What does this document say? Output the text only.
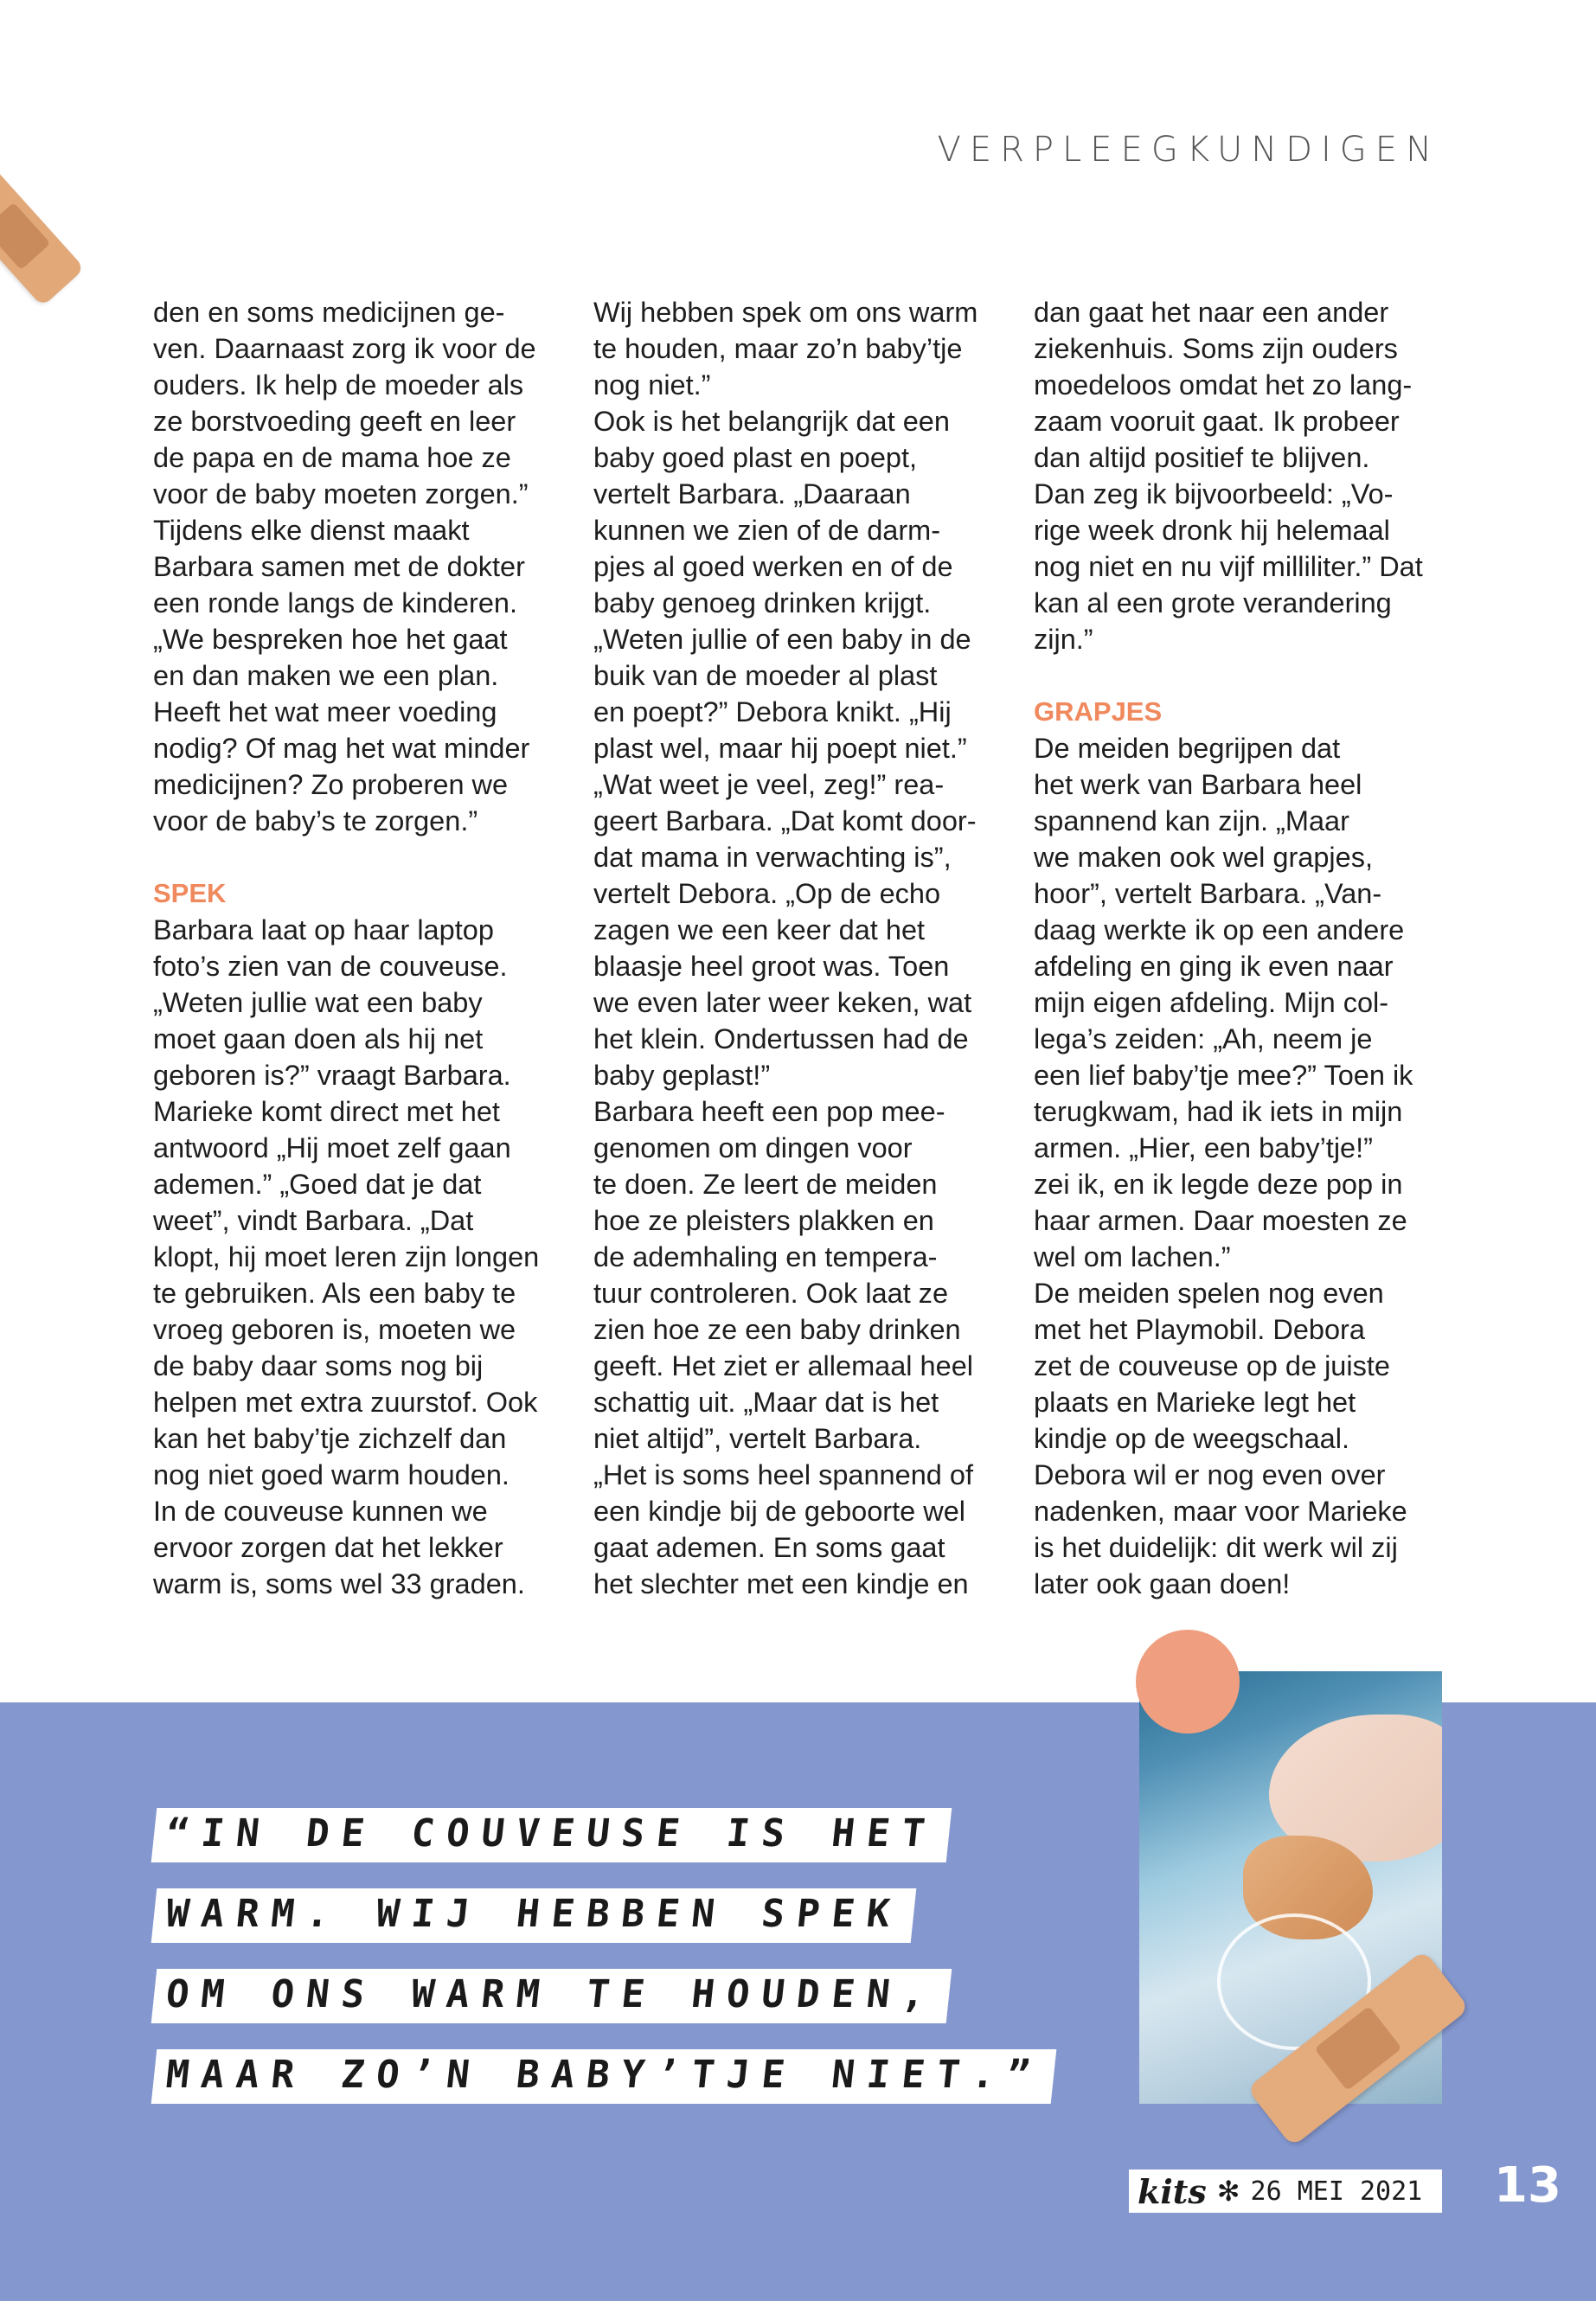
VERPLEEGKUNDIGEN

den en soms medicijnen ge-
ven. Daarnaast zorg ik voor de
ouders. Ik help de moeder als
ze borstvoeding geeft en leer
de papa en de mama hoe ze
voor de baby moeten zorgen.”
Tijdens elke dienst maakt
Barbara samen met de dokter
een ronde langs de kinderen.
„We bespreken hoe het gaat
en dan maken we een plan.
Heeft het wat meer voeding
nodig? Of mag het wat minder
medicijnen? Zo proberen we
voor de baby’s te zorgen.”

SPEK

Barbara laat op haar laptop
foto’s zien van de couveuse.
„Weten jullie wat een baby
moet gaan doen als hij net
geboren is?” vraagt Barbara.
Marieke komt direct met het
antwoord „Hij moet zelf gaan
ademen.” „Goed dat je dat
weet”, vindt Barbara. „Dat
klopt, hij moet leren zijn longen
te gebruiken. Als een baby te
vroeg geboren is, moeten we
de baby daar soms nog bij
helpen met extra zuurstof. Ook
kan het baby’tje zichzelf dan
nog niet goed warm houden.
In de couveuse kunnen we
ervoor zorgen dat het lekker
warm is, soms wel 33 graden.

Wij hebben spek om ons warm
te houden, maar zo’n baby’tje
nog niet.”
Ook is het belangrijk dat een
baby goed plast en poept,
vertelt Barbara. „Daaraan
kunnen we zien of de darm-
pjes al goed werken en of de
baby genoeg drinken krijgt.
„Weten jullie of een baby in de
buik van de moeder al plast
en poept?” Debora knikt. „Hij
plast wel, maar hij poept niet.”
„Wat weet je veel, zeg!” rea-
geert Barbara. „Dat komt door-
dat mama in verwachting is”,
vertelt Debora. „Op de echo
zagen we een keer dat het
blaasje heel groot was. Toen
we even later weer keken, wat
het klein. Ondertussen had de
baby geplast!”
Barbara heeft een pop mee-
genomen om dingen voor
te doen. Ze leert de meiden
hoe ze pleisters plakken en
de ademhaling en tempera-
tuur controleren. Ook laat ze
zien hoe ze een baby drinken
geeft. Het ziet er allemaal heel
schattig uit. „Maar dat is het
niet altijd”, vertelt Barbara.
„Het is soms heel spannend of
een kindje bij de geboorte wel
gaat ademen. En soms gaat
het slechter met een kindje en

dan gaat het naar een ander
ziekenhuis. Soms zijn ouders
moedeloos omdat het zo lang-
zaam vooruit gaat. Ik probeer
dan altijd positief te blijven.
Dan zeg ik bijvoorbeeld: „Vo-
rige week dronk hij helemaal
nog niet en nu vijf milliliter.” Dat
kan al een grote verandering
zijn.”

GRAPJES

De meiden begrijpen dat
het werk van Barbara heel
spannend kan zijn. „Maar
we maken ook wel grapjes,
hoor”, vertelt Barbara. „Van-
daag werkte ik op een andere
afdeling en ging ik even naar
mijn eigen afdeling. Mijn col-
lega’s zeiden: „Ah, neem je
een lief baby’tje mee?” Toen ik
terugkwam, had ik iets in mijn
armen. „Hier, een baby’tje!”
zei ik, en ik legde deze pop in
haar armen. Daar moesten ze
wel om lachen.”
De meiden spelen nog even
met het Playmobil. Debora
zet de couveuse op de juiste
plaats en Marieke legt het
kindje op de weegschaal.
Debora wil er nog even over
nadenken, maar voor Marieke
is het duidelijk: dit werk wil zij
later ook gaan doen!

“IN DE COUVEUSE IS HET
WARM. WIJ HEBBEN SPEK
OM ONS WARM TE HOUDEN,
MAAR ZO’N BABY’TJE NIET.”
kits ✻ 26 MEI 2021 13
